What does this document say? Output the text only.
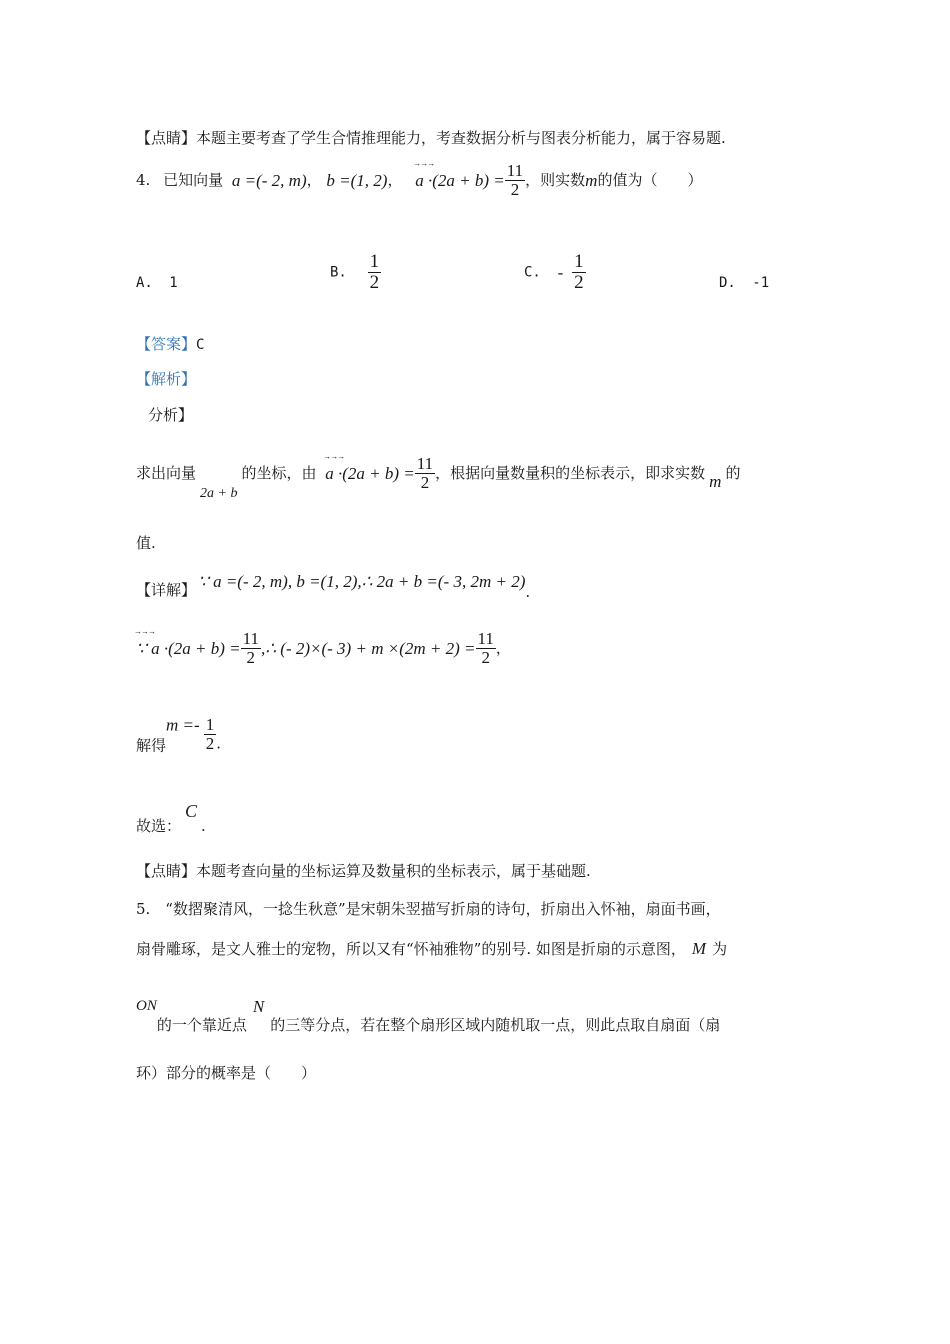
【点睛】本题主要考查了学生合情推理能力，考查数据分析与图表分析能力，属于容易题.
4. 已知向量 a =(- 2, m)， b =(1, 2)， →→→ $a \cdot(2a + b) = \frac{11}{2}$ ，则实数m的值为（　　）
A. 1
B. $\frac{1}{2}$	C. - $\frac{1}{2}$	D. -1
【答案】C
【解析】
分析】
求出向量2a + b的坐标，由 →→→ $a \cdot(2a + b) = \frac{11}{2}$ ，根据向量数量积的坐标表示，即求实数 m 的
值.
【详解】 ∵ a =(- 2, m), b =(1, 2),∴ 2a + b =(- 3, 2m + 2).
→→→ ∵ $a \cdot(2a + b) = \frac{11}{2}$ ,∴ (- 2)×(- $3) + m \times(2m + 2) = \frac{11}{2}$ ，
解得$m =- \frac{1}{2}$ .
故选：C.
【点睛】本题考查向量的坐标运算及数量积的坐标表示，属于基础题.
5.　“数摺聚清风，一捻生秋意”是宋朝朱翌描写折扇的诗句，折扇出入怀袖，扇面书画，
扇骨雕琢，是文人雅士的宠物，所以又有“怀袖雅物”的别号. 如图是折扇的示意图， M 为
ON的一个靠近点N的三等分点，若在整个扇形区域内随机取一点，则此点取自扇面（扇
环）部分的概率是（　　）
